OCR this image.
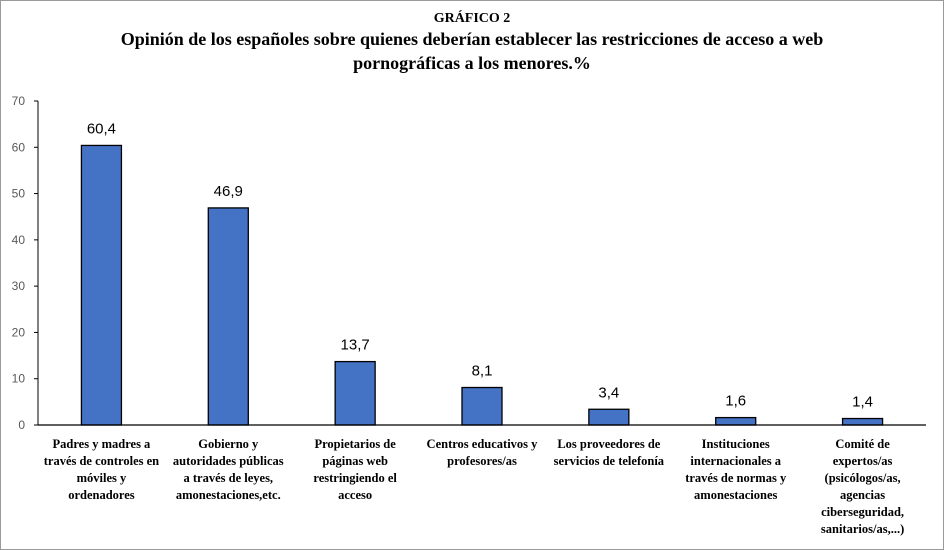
GRÁFICO 2
Opinión de los españoles sobre quienes deberían establecer las restricciones de acceso a web
pornográficas a los menores.%
0
10
20
30
40
50
60
70
60,4
Padres y madres a través de controles en móviles y ordenadores
46,9
Gobierno y autoridades públicas a través de leyes, amonestaciones,etc.
13,7
Propietarios de páginas web restringiendo el acceso
8,1
Centros educativos y profesores/as
3,4
Los proveedores de servicios de telefonía
1,6
Instituciones internacionales a través de normas y amonestaciones
1,4
Comité de expertos/as (psicólogos/as, agencias ciberseguridad, sanitarios/as,...)
